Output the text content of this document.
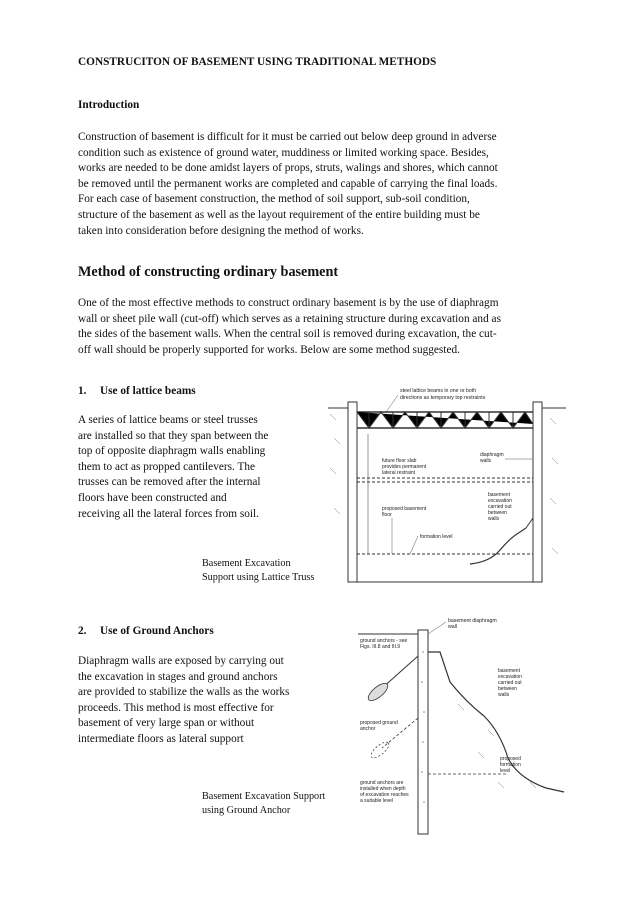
CONSTRUCITON OF BASEMENT USING TRADITIONAL METHODS
Introduction
Construction of basement is difficult for it must be carried out below deep ground in adverse
condition such as existence of ground water, muddiness or limited working space. Besides,
works are needed to be done amidst layers of props, struts, walings and shores, which cannot
be removed until the permanent works are completed and capable of carrying the final loads.
For each case of basement construction, the method of soil support, sub-soil condition,
structure of the basement as well as the layout requirement of the entire building must be
taken into consideration before designing the method of works.
Method of constructing ordinary basement
One of the most effective methods to construct ordinary basement is by the use of diaphragm
wall or sheet pile wall (cut-off) which serves as a retaining structure during excavation and as
the sides of the basement walls. When the central soil is removed during excavation, the cut-
off wall should be properly supported for works. Below are some method suggested.
1. Use of lattice beams
A series of lattice beams or steel trusses
are installed so that they span between the
top of opposite diaphragm walls enabling
them to act as propped cantilevers. The
trusses can be removed after the internal
floors have been constructed and
receiving all the lateral forces from soil.
steel lattice beams in one or both
directions as temporary top restraints
future floor slab
provides permanent
lateral restraint
diaphragm
walls
basement
excavation
carried out
between
walls
proposed basement
floor
formation level
Basement Excavation
Support using Lattice Truss
2. Use of Ground Anchors
Diaphragm walls are exposed by carrying out
the excavation in stages and ground anchors
are provided to stabilize the walls as the works
proceeds. This method is most effective for
basement of very large span or without
intermediate floors as lateral support
basement diaphragm
wall
ground anchors - see
Figs. III.8 and III.9
basement
excavation
carried out
between
walls
proposed ground
anchor
proposed
formation
level
ground anchors are
installed when depth
of excavation reaches
a suitable level
Basement Excavation Support
using Ground Anchor
